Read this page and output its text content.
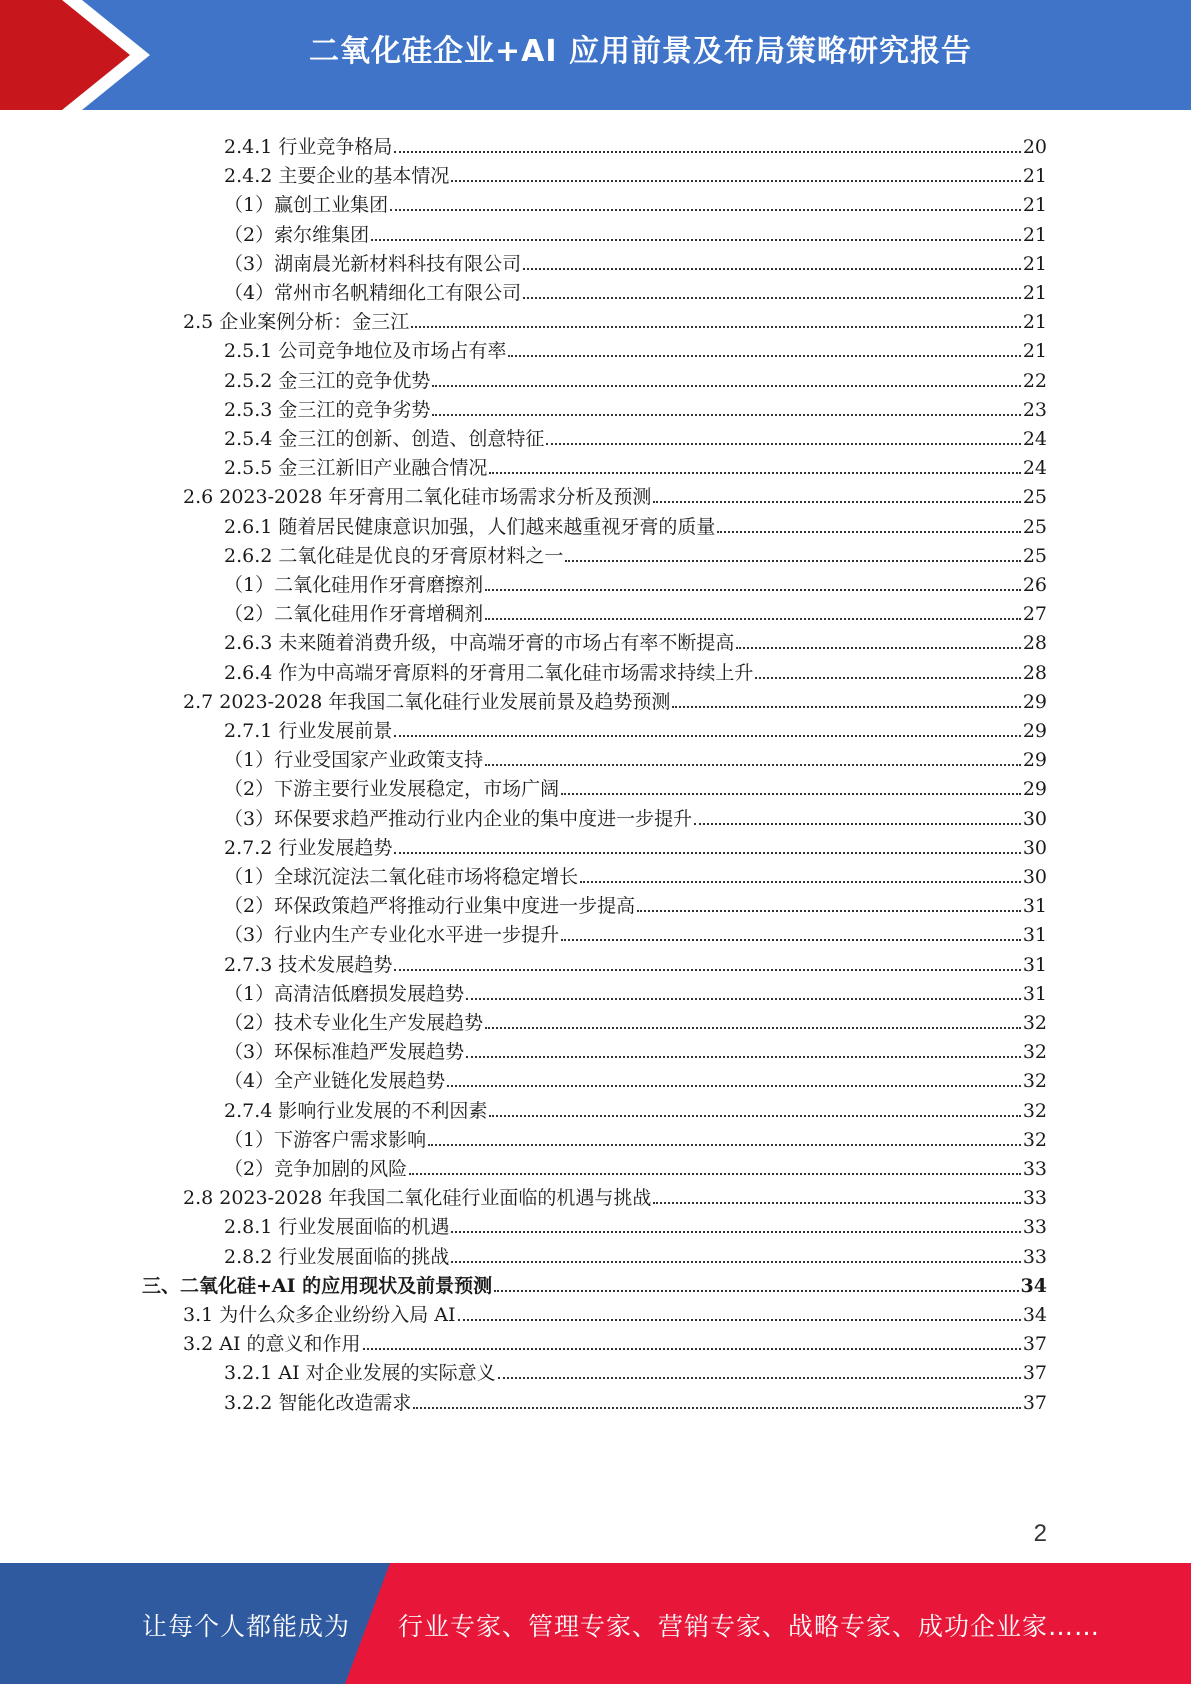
二氧化硅企业+AI 应用前景及布局策略研究报告
2.4.1 行业竞争格局	20
2.4.2 主要企业的基本情况	21
（1）赢创工业集团	21
（2）索尔维集团	21
（3）湖南晨光新材料科技有限公司	21
（4）常州市名帆精细化工有限公司	21
2.5 企业案例分析：金三江	21
2.5.1 公司竞争地位及市场占有率	21
2.5.2 金三江的竞争优势	22
2.5.3 金三江的竞争劣势	23
2.5.4 金三江的创新、创造、创意特征	24
2.5.5 金三江新旧产业融合情况	24
2.6 2023-2028 年牙膏用二氧化硅市场需求分析及预测	25
2.6.1 随着居民健康意识加强，人们越来越重视牙膏的质量	25
2.6.2 二氧化硅是优良的牙膏原材料之一	25
（1）二氧化硅用作牙膏磨擦剂	26
（2）二氧化硅用作牙膏增稠剂	27
2.6.3 未来随着消费升级，中高端牙膏的市场占有率不断提高	28
2.6.4 作为中高端牙膏原料的牙膏用二氧化硅市场需求持续上升	28
2.7 2023-2028 年我国二氧化硅行业发展前景及趋势预测	29
2.7.1 行业发展前景	29
（1）行业受国家产业政策支持	29
（2）下游主要行业发展稳定，市场广阔	29
（3）环保要求趋严推动行业内企业的集中度进一步提升	30
2.7.2 行业发展趋势	30
（1）全球沉淀法二氧化硅市场将稳定增长	30
（2）环保政策趋严将推动行业集中度进一步提高	31
（3）行业内生产专业化水平进一步提升	31
2.7.3 技术发展趋势	31
（1）高清洁低磨损发展趋势	31
（2）技术专业化生产发展趋势	32
（3）环保标准趋严发展趋势	32
（4）全产业链化发展趋势	32
2.7.4 影响行业发展的不利因素	32
（1）下游客户需求影响	32
（2）竞争加剧的风险	33
2.8 2023-2028 年我国二氧化硅行业面临的机遇与挑战	33
2.8.1 行业发展面临的机遇	33
2.8.2 行业发展面临的挑战	33
三、二氧化硅+AI 的应用现状及前景预测	34
3.1 为什么众多企业纷纷入局 AI	34
3.2 AI 的意义和作用	37
3.2.1 AI 对企业发展的实际意义	37
3.2.2 智能化改造需求	37
2
让每个人都能成为 行业专家、管理专家、营销专家、战略专家、成功企业家……
